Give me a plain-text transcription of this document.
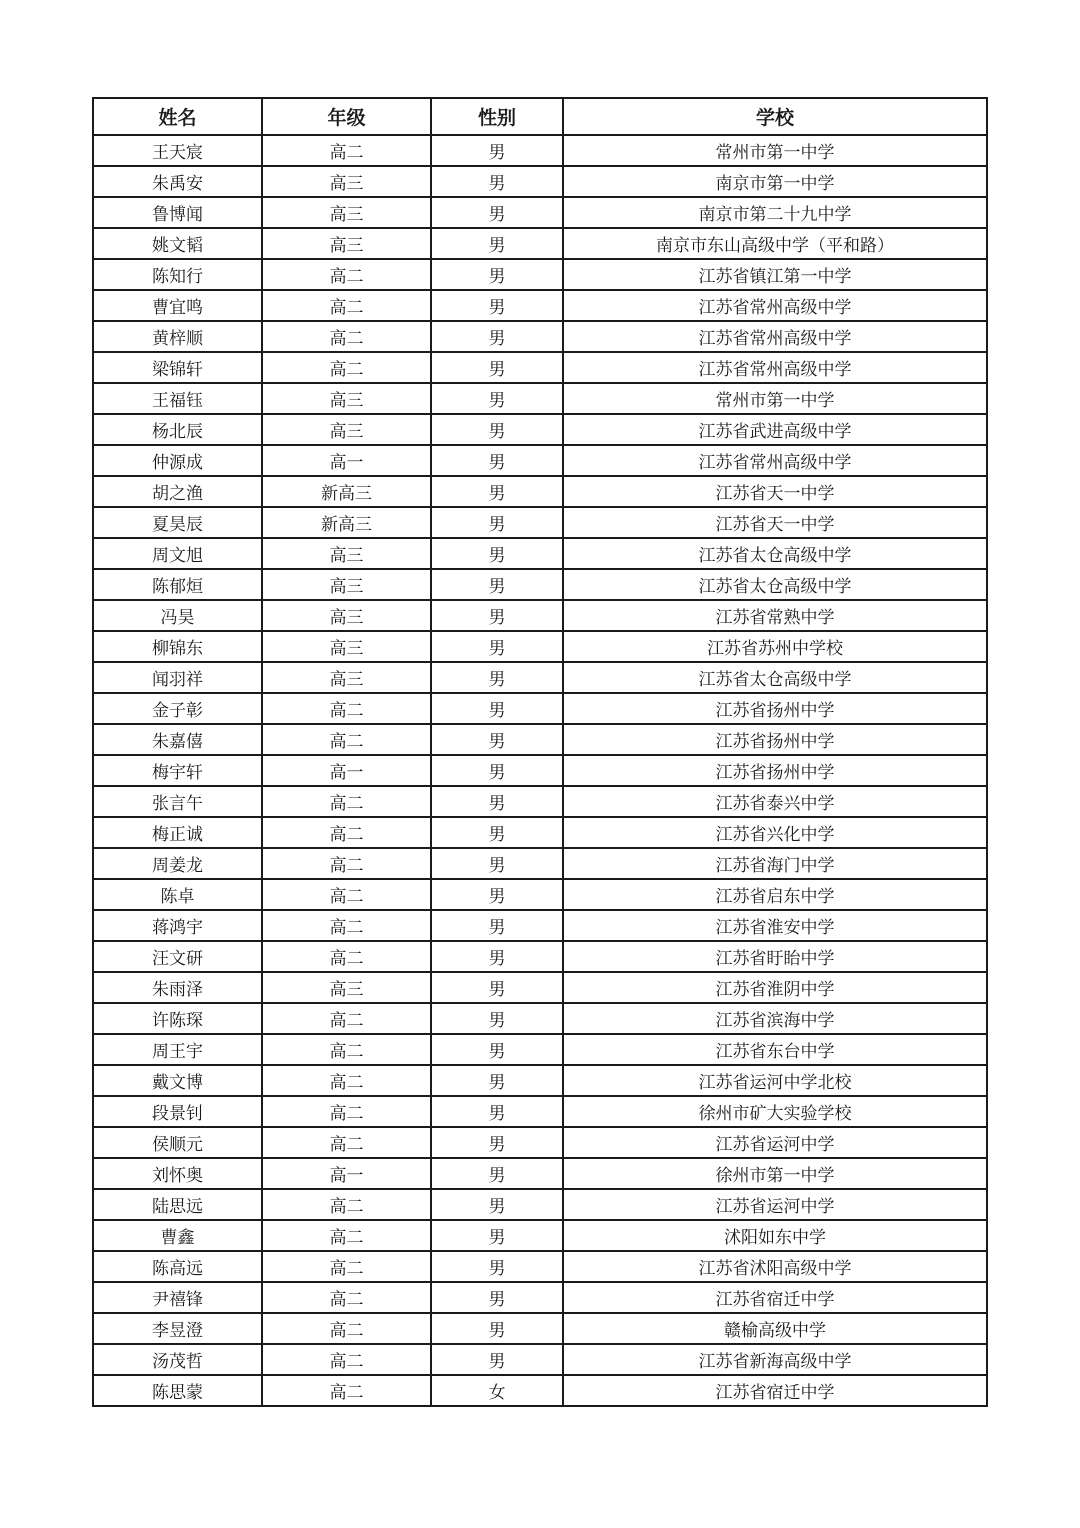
姓名	年级	性别	学校
王天宸	高二	男	常州市第一中学
朱禹安	高三	男	南京市第一中学
鲁博闻	高三	男	南京市第二十九中学
姚文韬	高三	男	南京市东山高级中学（平和路）
陈知行	高二	男	江苏省镇江第一中学
曹宜鸣	高二	男	江苏省常州高级中学
黄梓顺	高二	男	江苏省常州高级中学
梁锦轩	高二	男	江苏省常州高级中学
王福钰	高三	男	常州市第一中学
杨北辰	高三	男	江苏省武进高级中学
仲源成	高一	男	江苏省常州高级中学
胡之渔	新高三	男	江苏省天一中学
夏昊辰	新高三	男	江苏省天一中学
周文旭	高三	男	江苏省太仓高级中学
陈郁烜	高三	男	江苏省太仓高级中学
冯昊	高三	男	江苏省常熟中学
柳锦东	高三	男	江苏省苏州中学校
闻羽祥	高三	男	江苏省太仓高级中学
金子彰	高二	男	江苏省扬州中学
朱嘉僖	高二	男	江苏省扬州中学
梅宇轩	高一	男	江苏省扬州中学
张言午	高二	男	江苏省泰兴中学
梅正诚	高二	男	江苏省兴化中学
周姜龙	高二	男	江苏省海门中学
陈卓	高二	男	江苏省启东中学
蒋鸿宇	高二	男	江苏省淮安中学
汪文研	高二	男	江苏省盱眙中学
朱雨泽	高三	男	江苏省淮阴中学
许陈琛	高二	男	江苏省滨海中学
周王宇	高二	男	江苏省东台中学
戴文博	高二	男	江苏省运河中学北校
段景钊	高二	男	徐州市矿大实验学校
侯顺元	高二	男	江苏省运河中学
刘怀奥	高一	男	徐州市第一中学
陆思远	高二	男	江苏省运河中学
曹鑫	高二	男	沭阳如东中学
陈高远	高二	男	江苏省沭阳高级中学
尹禧锋	高二	男	江苏省宿迁中学
李昱澄	高二	男	赣榆高级中学
汤茂哲	高二	男	江苏省新海高级中学
陈思蒙	高二	女	江苏省宿迁中学
